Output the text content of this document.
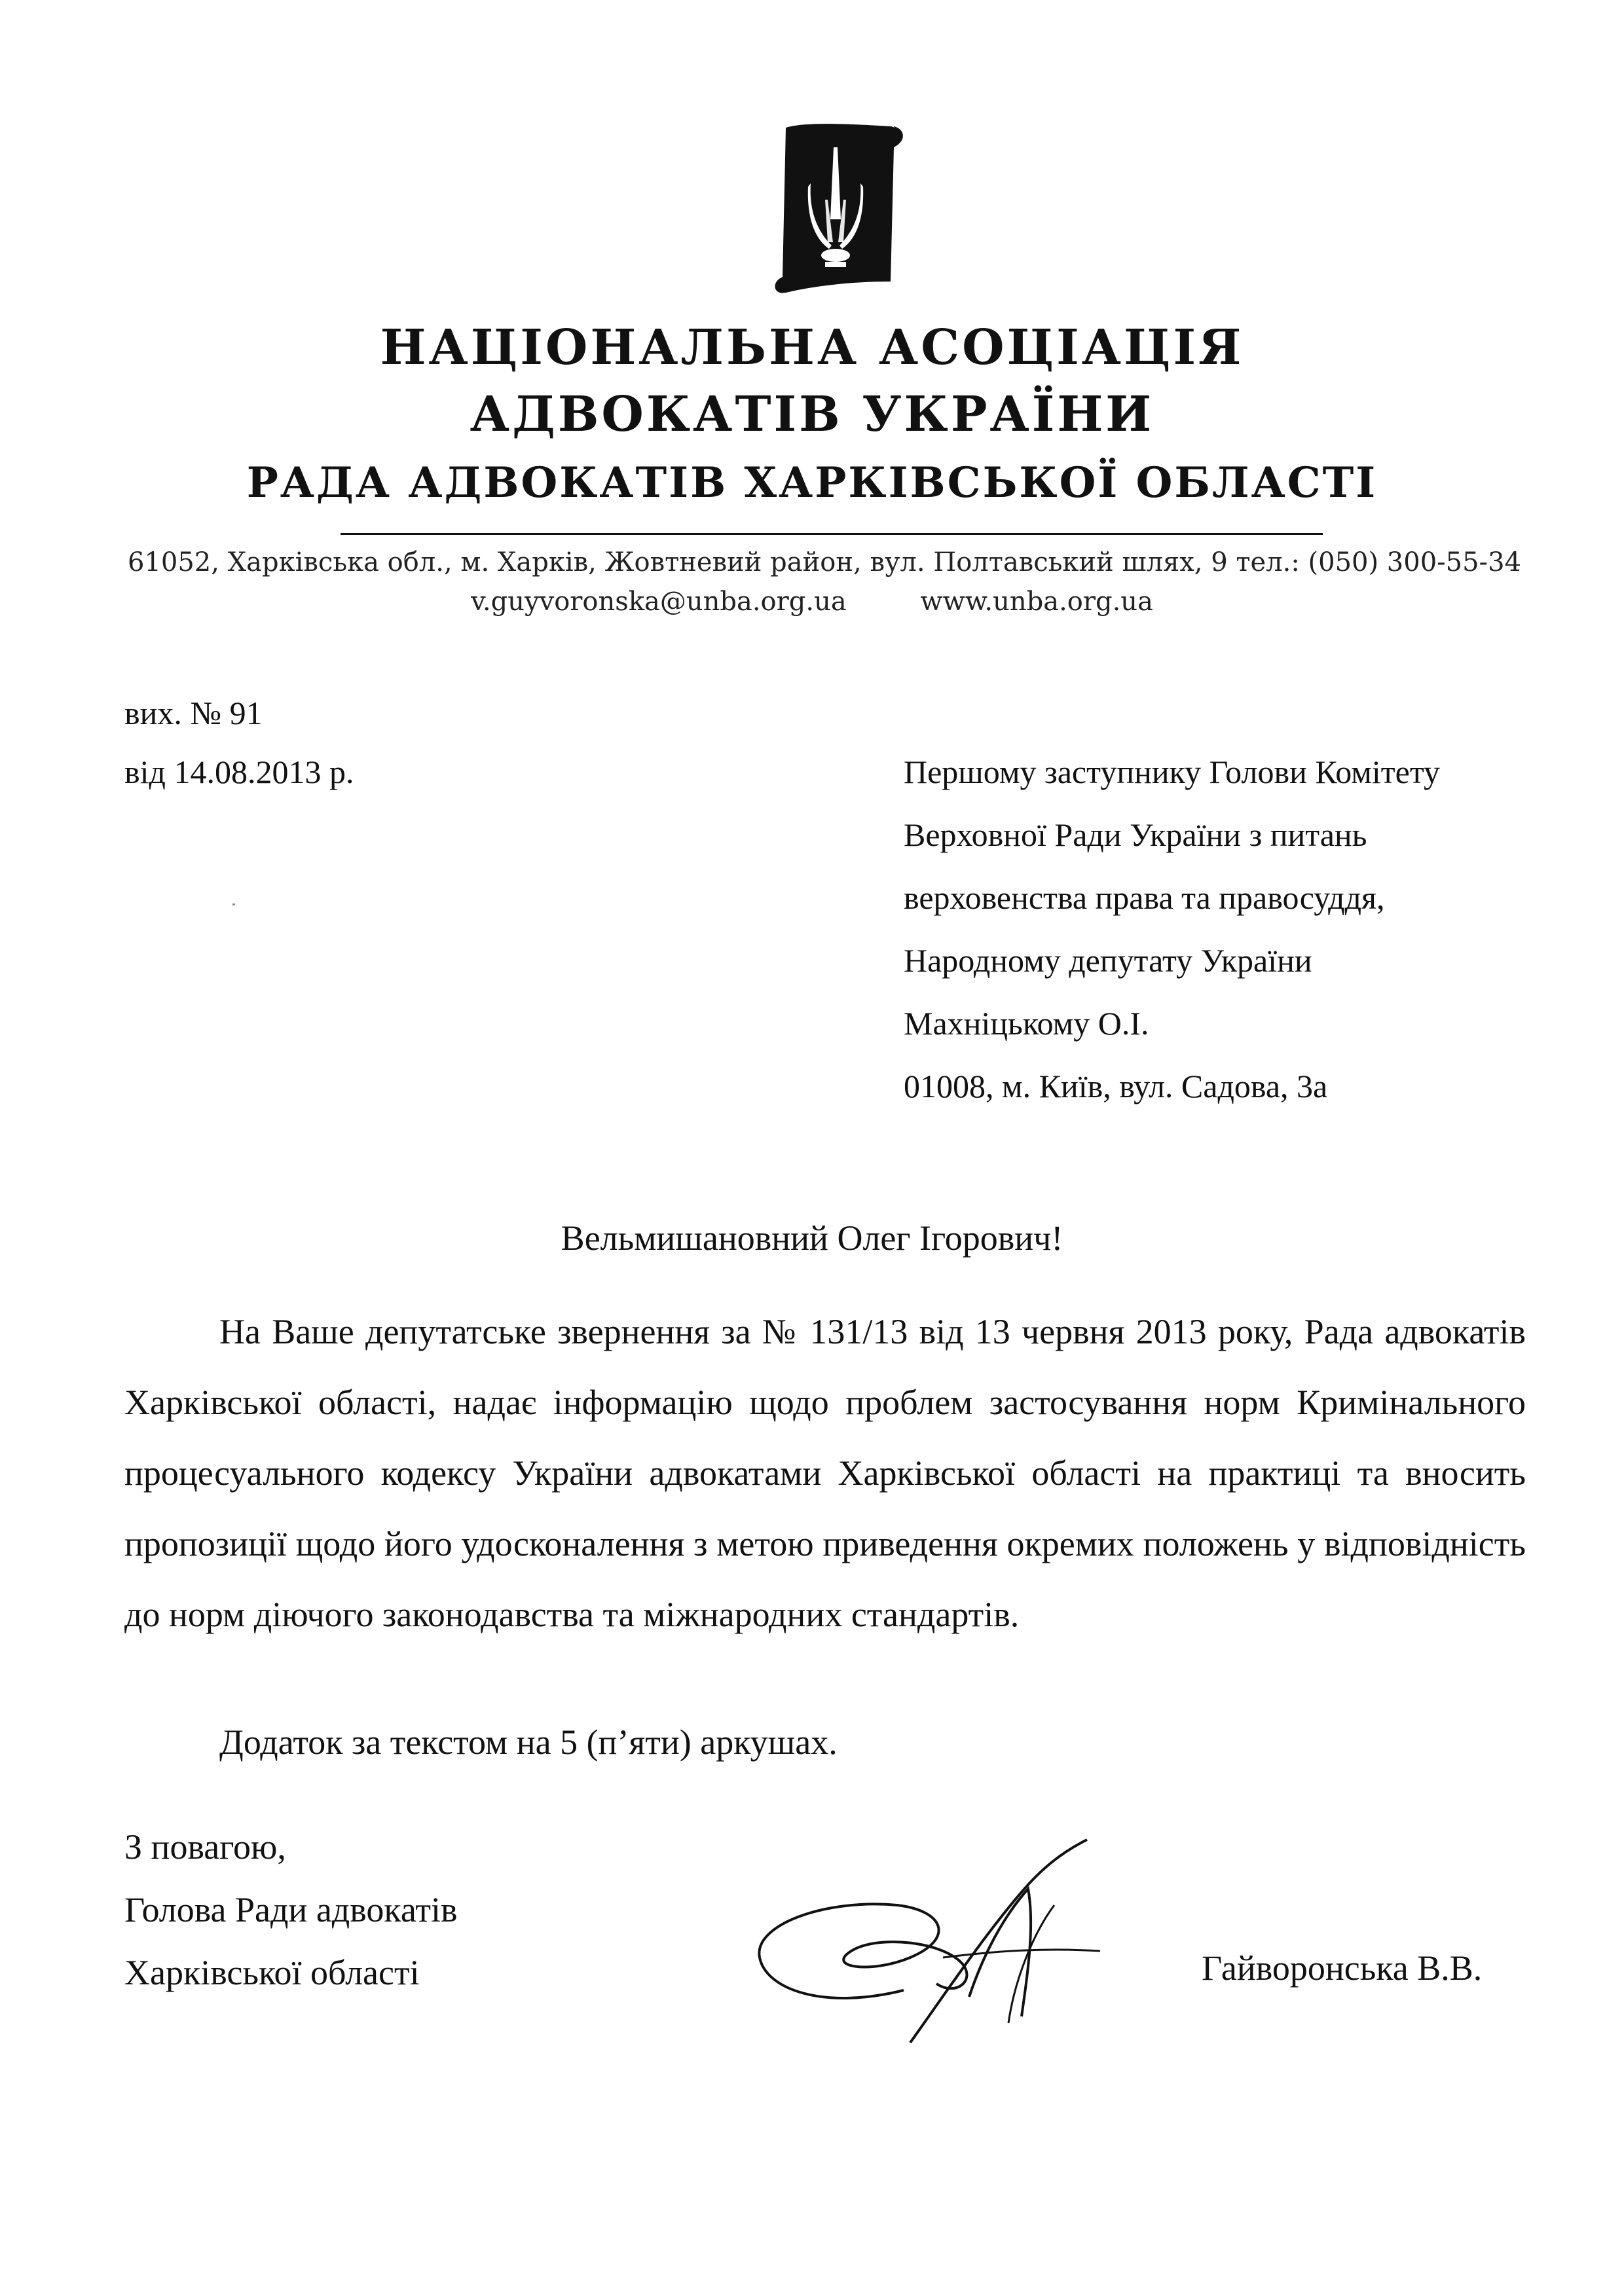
НАЦІОНАЛЬНА АСОЦІАЦІЯ
АДВОКАТІВ УКРАЇНИ
РАДА АДВОКАТІВ ХАРКІВСЬКОЇ ОБЛАСТІ
61052, Харківська обл., м. Харків, Жовтневий район, вул. Полтавський шлях, 9 тел.: (050) 300-55-34
v.guyvoronska@unba.org.ua	www.unba.org.ua
вих. № 91
від 14.08.2013 р.	Першому заступнику Голови Комітету
Верховної Ради України з питань
верховенства права та правосуддя,
Народному депутату України
Махніцькому О.І.
01008, м. Київ, вул. Садова, 3а
Вельмишановний Олег Ігорович!
На Ваше депутатське звернення за № 131/13 від 13 червня 2013 року, Рада адвокатів Харківської області, надає інформацію щодо проблем застосування норм Кримінального процесуального кодексу України адвокатами Харківської області на практиці та вносить пропозиції щодо його удосконалення з метою приведення окремих положень у відповідність до норм діючого законодавства та міжнародних стандартів.
Додаток за текстом на 5 (п’яти) аркушах.
З повагою,
Голова Ради адвокатів
Харківської області	Гайворонська В.В.
